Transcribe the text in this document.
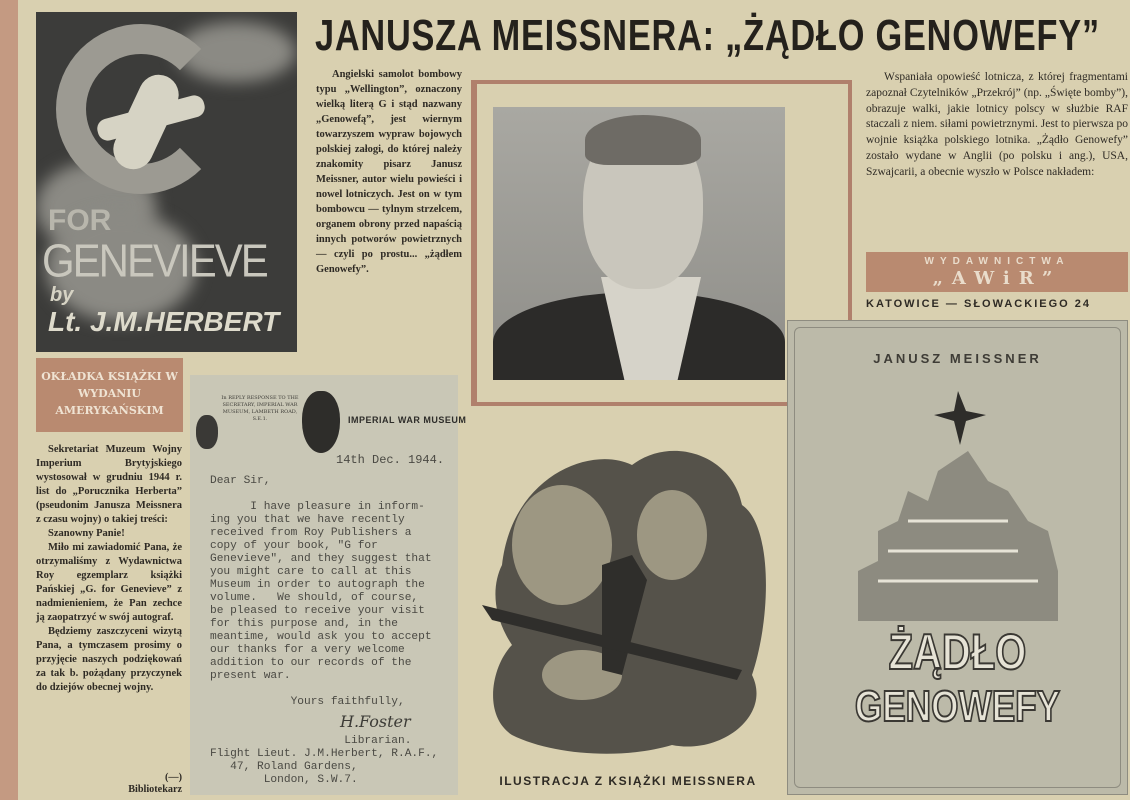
FOR
GENEVIEVE
by
Lt. J.M.HERBERT
OKŁADKA KSIĄŻKI W WYDANIU AMERYKAŃSKIM
JANUSZA MEISSNERA: „ŻĄDŁO GENOWEFY”
Angielski samolot bombowy typu „Wellington”, oznaczony wielką literą G i stąd nazwany „Genowefą”, jest wiernym towarzyszem wypraw bojowych polskiej załogi, do której należy znakomity pisarz Janusz Meissner, autor wielu powieści i nowel lotniczych. Jest on w tym bombowcu — tylnym strzelcem, organem obrony przed napaścią innych potworów powietrznych — czyli po prostu... „żądłem Genowefy”.
Wspaniała opowieść lotnicza, z której fragmentami zapoznał Czytelników „Przekrój” (np. „Święte bomby”), obrazuje walki, jakie lotnicy polscy w służbie RAF staczali z niem. siłami powietrznymi. Jest to pierwsza po wojnie książka polskiego lotnika. „Żądło Genowefy” zostało wydane w Anglii (po polsku i ang.), USA, Szwajcarii, a obecnie wyszło w Polsce nakładem:
WYDAWNICTWA
„AWiR”
KATOWICE — SŁOWACKIEGO 24

Sekretariat Muzeum Wojny Imperium Brytyjskiego wystosował w grudniu 1944 r. list do „Porucznika Herberta” (pseudonim Janusza Meissnera z czasu wojny) o takiej treści:

Szanowny Panie!

Miło mi zawiadomić Pana, że otrzymaliśmy z Wydawnictwa Roy egzemplarz książki Pańskiej „G. for Genevieve” z nadmienieniem, że Pan zechce ją zaopatrzyć w swój autograf.

Będziemy zaszczyceni wizytą Pana, a tymczasem prosimy o przyjęcie naszych podziękowań za tak b. pożądany przyczynek do dziejów obecnej wojny.

(—)
Bibliotekarz
In REPLY RESPONSE TO THE SECRETARY, IMPERIAL WAR MUSEUM, LAMBETH ROAD, S.E.1.	IMPERIAL WAR MUSEUM
14th Dec. 1944.
Dear Sir,

I have pleasure in inform-
ing you that we have recently
received from Roy Publishers a
copy of your book, "G for
Genevieve", and they suggest that
you might care to call at this
Museum in order to autograph the
volume.   We should, of course,
be pleased to receive your visit
for this purpose and, in the
meantime, would ask you to accept
our thanks for a very welcome
addition to our records of the
present war.

Yours faithfully,

Librarian.
Flight Lieut. J.M.Herbert, R.A.F.,
47, Roland Gardens,
London, S.W.7.
H.Foster
ILUSTRACJA Z KSIĄŻKI MEISSNERA
JANUSZ MEISSNER
ŻĄDŁO
GENOWEFY
